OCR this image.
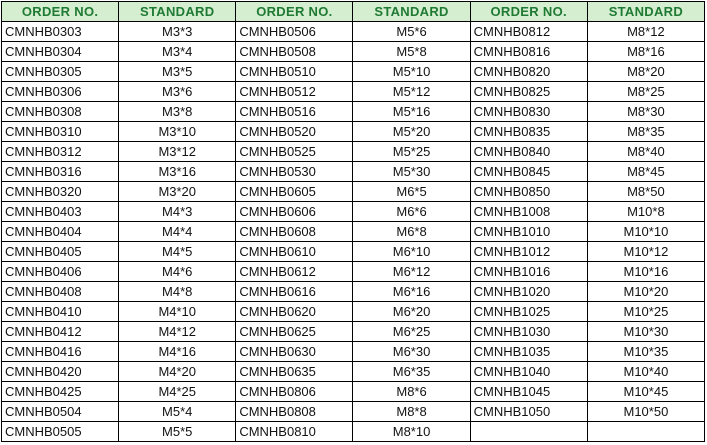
ORDER NO.	STANDARD	ORDER NO.	STANDARD	ORDER NO.	STANDARD
CMNHB0303	M3*3	CMNHB0506	M5*6	CMNHB0812	M8*12
CMNHB0304	M3*4	CMNHB0508	M5*8	CMNHB0816	M8*16
CMNHB0305	M3*5	CMNHB0510	M5*10	CMNHB0820	M8*20
CMNHB0306	M3*6	CMNHB0512	M5*12	CMNHB0825	M8*25
CMNHB0308	M3*8	CMNHB0516	M5*16	CMNHB0830	M8*30
CMNHB0310	M3*10	CMNHB0520	M5*20	CMNHB0835	M8*35
CMNHB0312	M3*12	CMNHB0525	M5*25	CMNHB0840	M8*40
CMNHB0316	M3*16	CMNHB0530	M5*30	CMNHB0845	M8*45
CMNHB0320	M3*20	CMNHB0605	M6*5	CMNHB0850	M8*50
CMNHB0403	M4*3	CMNHB0606	M6*6	CMNHB1008	M10*8
CMNHB0404	M4*4	CMNHB0608	M6*8	CMNHB1010	M10*10
CMNHB0405	M4*5	CMNHB0610	M6*10	CMNHB1012	M10*12
CMNHB0406	M4*6	CMNHB0612	M6*12	CMNHB1016	M10*16
CMNHB0408	M4*8	CMNHB0616	M6*16	CMNHB1020	M10*20
CMNHB0410	M4*10	CMNHB0620	M6*20	CMNHB1025	M10*25
CMNHB0412	M4*12	CMNHB0625	M6*25	CMNHB1030	M10*30
CMNHB0416	M4*16	CMNHB0630	M6*30	CMNHB1035	M10*35
CMNHB0420	M4*20	CMNHB0635	M6*35	CMNHB1040	M10*40
CMNHB0425	M4*25	CMNHB0806	M8*6	CMNHB1045	M10*45
CMNHB0504	M5*4	CMNHB0808	M8*8	CMNHB1050	M10*50
CMNHB0505	M5*5	CMNHB0810	M8*10		
